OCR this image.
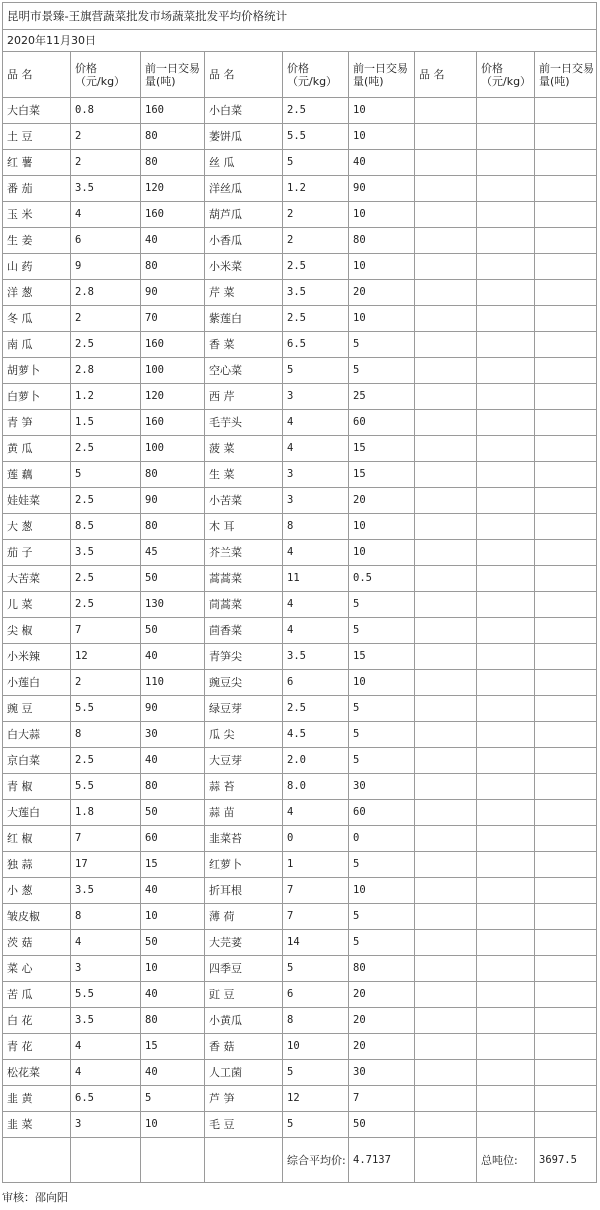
昆明市景臻-王旗营蔬菜批发市场蔬菜批发平均价格统计								
2020年11月30日								
品 名	价格（元/kg）	前一日交易量(吨)	品 名	价格（元/kg）	前一日交易量(吨)	品 名	价格（元/kg）	前一日交易量(吨)
大白菜	0.8	160	小白菜	2.5	10			
土 豆	2	80	萎饼瓜	5.5	10			
红 薯	2	80	丝 瓜	5	40			
番 茄	3.5	120	洋丝瓜	1.2	90			
玉 米	4	160	葫芦瓜	2	10			
生 姜	6	40	小香瓜	2	80			
山 药	9	80	小米菜	2.5	10			
洋 葱	2.8	90	芹 菜	3.5	20			
冬 瓜	2	70	紫莲白	2.5	10			
南 瓜	2.5	160	香 菜	6.5	5			
胡萝卜	2.8	100	空心菜	5	5			
白萝卜	1.2	120	西 芹	3	25			
青 笋	1.5	160	毛芋头	4	60			
黄 瓜	2.5	100	菠 菜	4	15			
莲 藕	5	80	生 菜	3	15			
娃娃菜	2.5	90	小苦菜	3	20			
大 葱	8.5	80	木 耳	8	10			
茄 子	3.5	45	芥兰菜	4	10			
大苦菜	2.5	50	蒿蒿菜	11	0.5			
儿 菜	2.5	130	茼蒿菜	4	5			
尖 椒	7	50	茴香菜	4	5			
小米辣	12	40	青笋尖	3.5	15			
小莲白	2	110	豌豆尖	6	10			
豌 豆	5.5	90	绿豆芽	2.5	5			
白大蒜	8	30	瓜 尖	4.5	5			
京白菜	2.5	40	大豆芽	2.0	5			
青 椒	5.5	80	蒜 苔	8.0	30			
大莲白	1.8	50	蒜 苗	4	60			
红 椒	7	60	韭菜苔	0	0			
独 蒜	17	15	红萝卜	1	5			
小 葱	3.5	40	折耳根	7	10			
皱皮椒	8	10	薄 荷	7	5			
茨 菇	4	50	大芫荽	14	5			
菜 心	3	10	四季豆	5	80			
苦 瓜	5.5	40	豇 豆	6	20			
白 花	3.5	80	小黄瓜	8	20			
青 花	4	15	香 菇	10	20			
松花菜	4	40	人工菌	5	30			
韭 黄	6.5	5	芦 笋	12	7			
韭 菜	3	10	毛 豆	5	50			
				综合平均价:	4.7137		总吨位:	3697.5
审核：邵向阳
